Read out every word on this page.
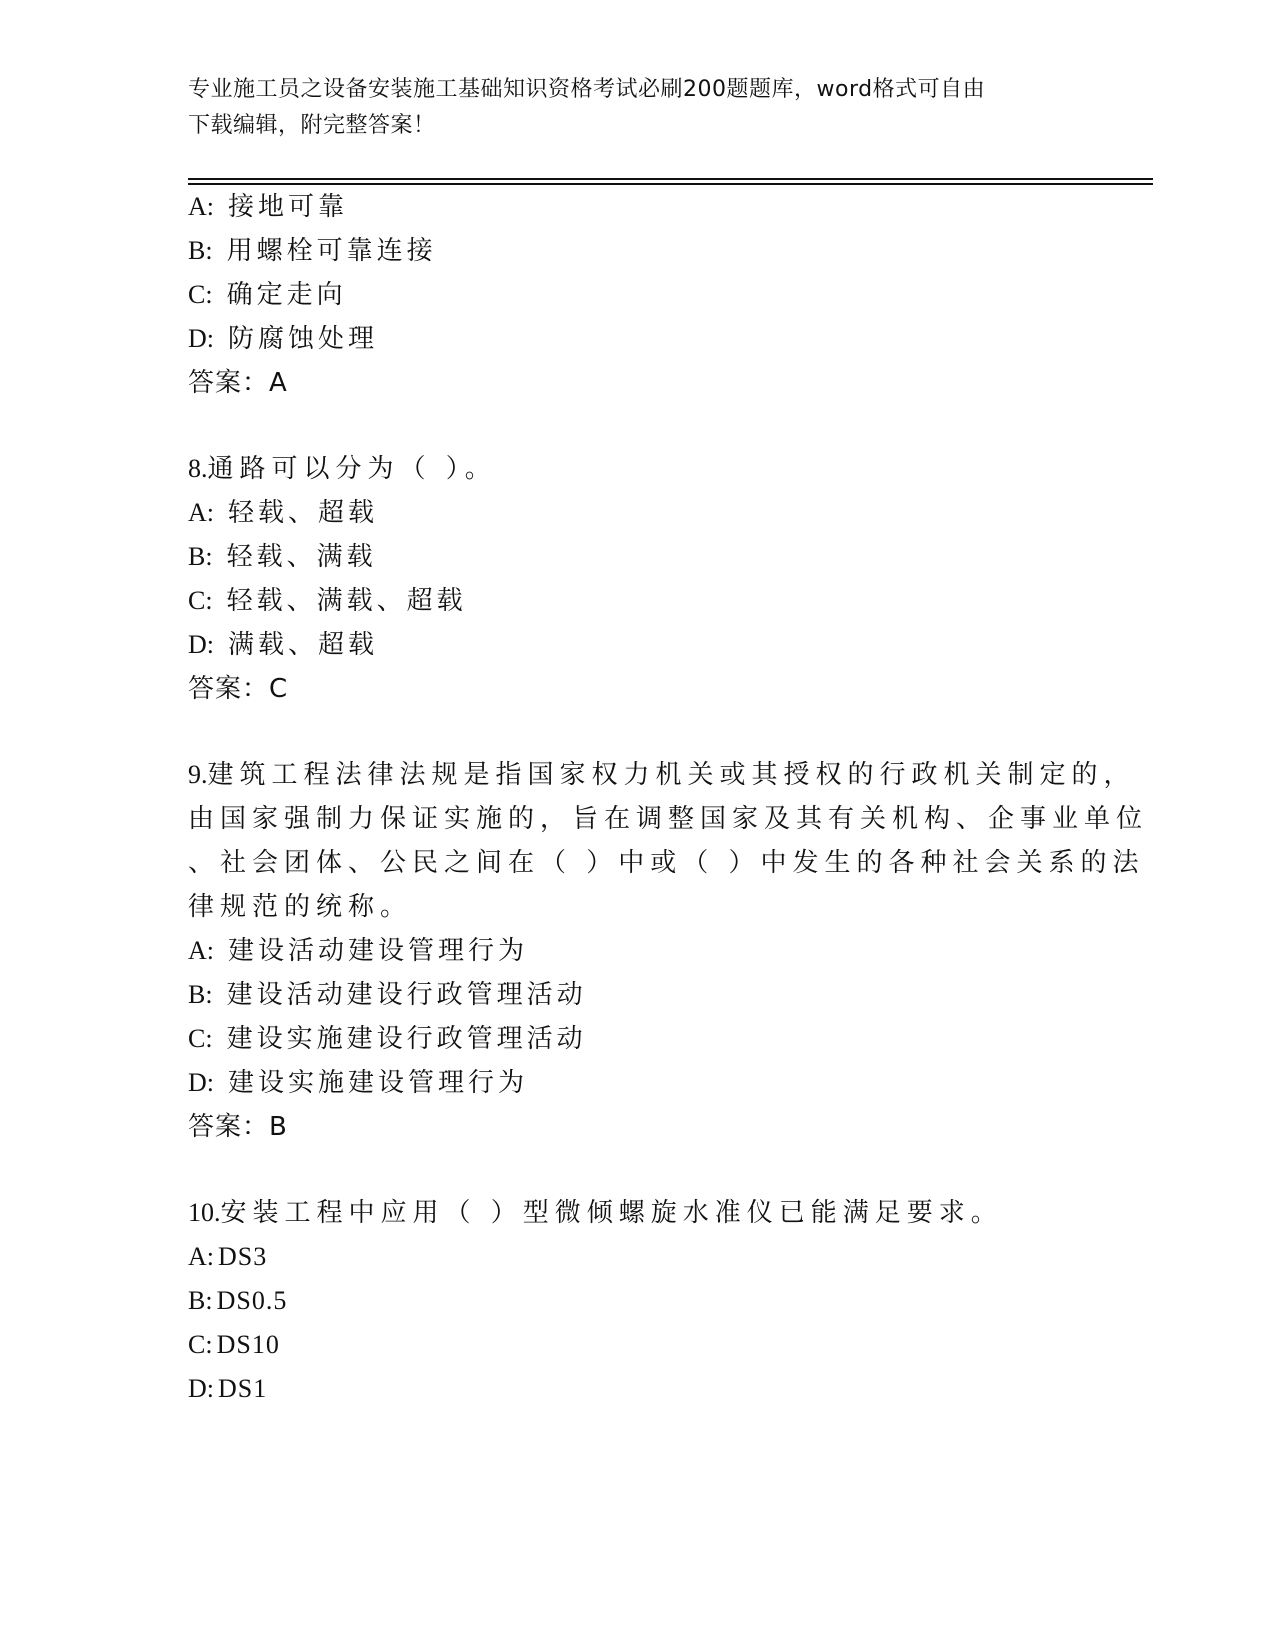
专业施工员之设备安装施工基础知识资格考试必刷200题题库，word格式可自由
下载编辑，附完整答案！
A: 接地可靠
B: 用螺栓可靠连接
C: 确定走向
D: 防腐蚀处理
答案：A
8.通路可以分为（ ）。
A: 轻载、超载
B: 轻载、满载
C: 轻载、满载、超载
D: 满载、超载
答案：C
9.建筑工程法律法规是指国家权力机关或其授权的行政机关制定的，
由国家强制力保证实施的，旨在调整国家及其有关机构、企事业单位
、社会团体、公民之间在（ ）中或（ ）中发生的各种社会关系的法
律规范的统称。
A: 建设活动建设管理行为
B: 建设活动建设行政管理活动
C: 建设实施建设行政管理活动
D: 建设实施建设管理行为
答案：B
10.安装工程中应用（ ）型微倾螺旋水准仪已能满足要求。
A: DS3
B: DS0.5
C: DS10
D: DS1
